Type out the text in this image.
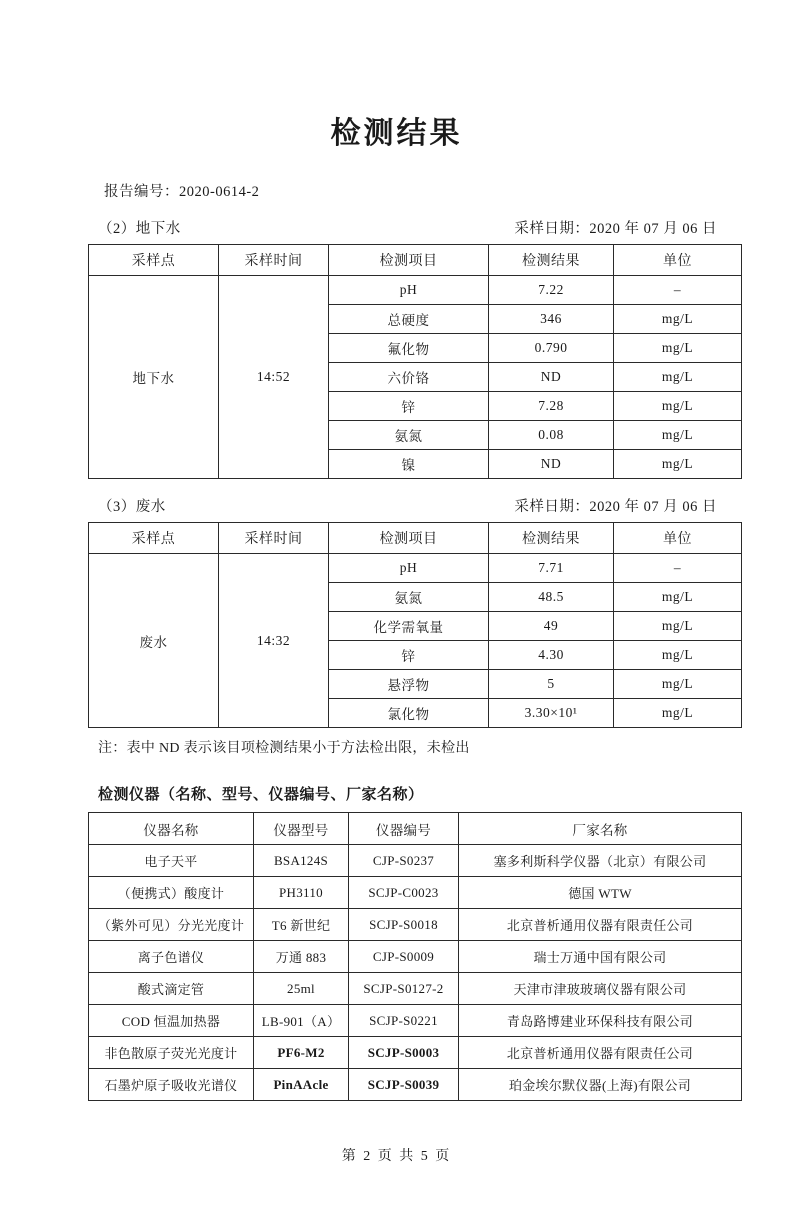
检测结果
报告编号：2020-0614-2
（2）地下水	采样日期：2020 年 07 月 06 日
采样点	采样时间	检测项目	检测结果	单位
地下水	14:52	pH	7.22	–
		总硬度	346	mg/L
		氟化物	0.790	mg/L
		六价铬	ND	mg/L
		锌	7.28	mg/L
		氨氮	0.08	mg/L
		镍	ND	mg/L
（3）废水	采样日期：2020 年 07 月 06 日
采样点	采样时间	检测项目	检测结果	单位
废水	14:32	pH	7.71	–
		氨氮	48.5	mg/L
		化学需氧量	49	mg/L
		锌	4.30	mg/L
		悬浮物	5	mg/L
		氯化物	3.30×10¹	mg/L
注：表中 ND 表示该目项检测结果小于方法检出限，未检出
检测仪器（名称、型号、仪器编号、厂家名称）
仪器名称	仪器型号	仪器编号	厂家名称
电子天平	BSA124S	CJP-S0237	塞多利斯科学仪器（北京）有限公司
（便携式）酸度计	PH3110	SCJP-C0023	德国 WTW
（紫外可见）分光光度计	T6 新世纪	SCJP-S0018	北京普析通用仪器有限责任公司
离子色谱仪	万通 883	CJP-S0009	瑞士万通中国有限公司
酸式滴定管	25ml	SCJP-S0127-2	天津市津玻玻璃仪器有限公司
COD 恒温加热器	LB-901（A）	SCJP-S0221	青岛路博建业环保科技有限公司
非色散原子荧光光度计	PF6-M2	SCJP-S0003	北京普析通用仪器有限责任公司
石墨炉原子吸收光谱仪	PinAAcle	SCJP-S0039	珀金埃尔默仪器(上海)有限公司
第 2 页 共 5 页
